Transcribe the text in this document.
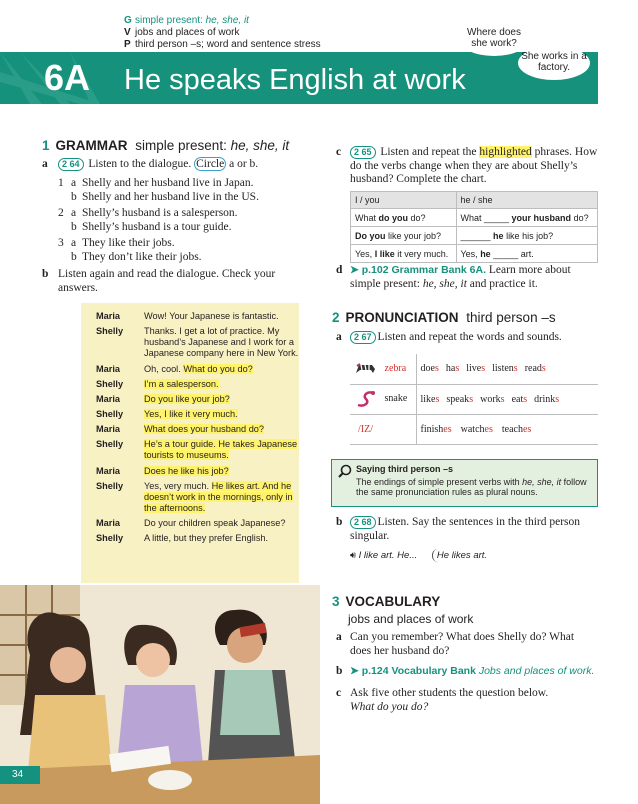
G simple present: he, she, it
V jobs and places of work
P third person –s; word and sentence stress
6A He speaks English at work
Where does she work?
She works in a factory.
1 GRAMMAR simple present: he, she, it
a 2 64 Listen to the dialogue. Circle a or b.
1 a Shelly and her husband live in Japan.
b Shelly and her husband live in the US.
2 a Shelly’s husband is a salesperson.
b Shelly’s husband is a tour guide.
3 a They like their jobs.
b They don’t like their jobs.
b Listen again and read the dialogue. Check your answers.
Maria	Wow! Your Japanese is fantastic.
Shelly Thanks. I get a lot of practice. My husband’s Japanese and I work for a Japanese company here in New York.
Maria	Oh, cool. What do you do?
Shelly I’m a salesperson.
Maria	Do you like your job?
Shelly Yes, I like it very much.
Maria	What does your husband do?
Shelly He’s a tour guide. He takes Japanese tourists to museums.
Maria	Does he like his job?
Shelly Yes, very much. He likes art. And he doesn’t work in the mornings, only in the afternoons.
Maria	Do your children speak Japanese?
Shelly A little, but they prefer English.
34
c	2 65 Listen and repeat the highlighted phrases. How do the verbs change when they are about Shelly’s husband? Complete the chart.
I / you	he / she
What do you do?	What _____ your husband do?
Do you like your job?	______ he like his job?
Yes, I like it very much.	Yes, he _____ art.
d ➤ p.102 Grammar Bank 6A. Learn more about simple present: he, she, it and practice it.
2 PRONUNCIATION third person –s
a	2 67 Listen and repeat the words and sounds.
zebra	does has lives listens reads
snake	likes speaks works eats drinks
/IZ/	finishes watches teaches
Saying third person –s
The endings of simple present verbs with he, she, it follow the same pronunciation rules as plural nouns.
b	2 68 Listen. Say the sentences in the third person singular.
🔊︎ I like art. He... He likes art.
3 VOCABULARY
jobs and places of work
a Can you remember? What does Shelly do? What does her husband do?
b ➤ p.124 Vocabulary Bank Jobs and places of work.
c Ask five other students the question below.
What do you do?
